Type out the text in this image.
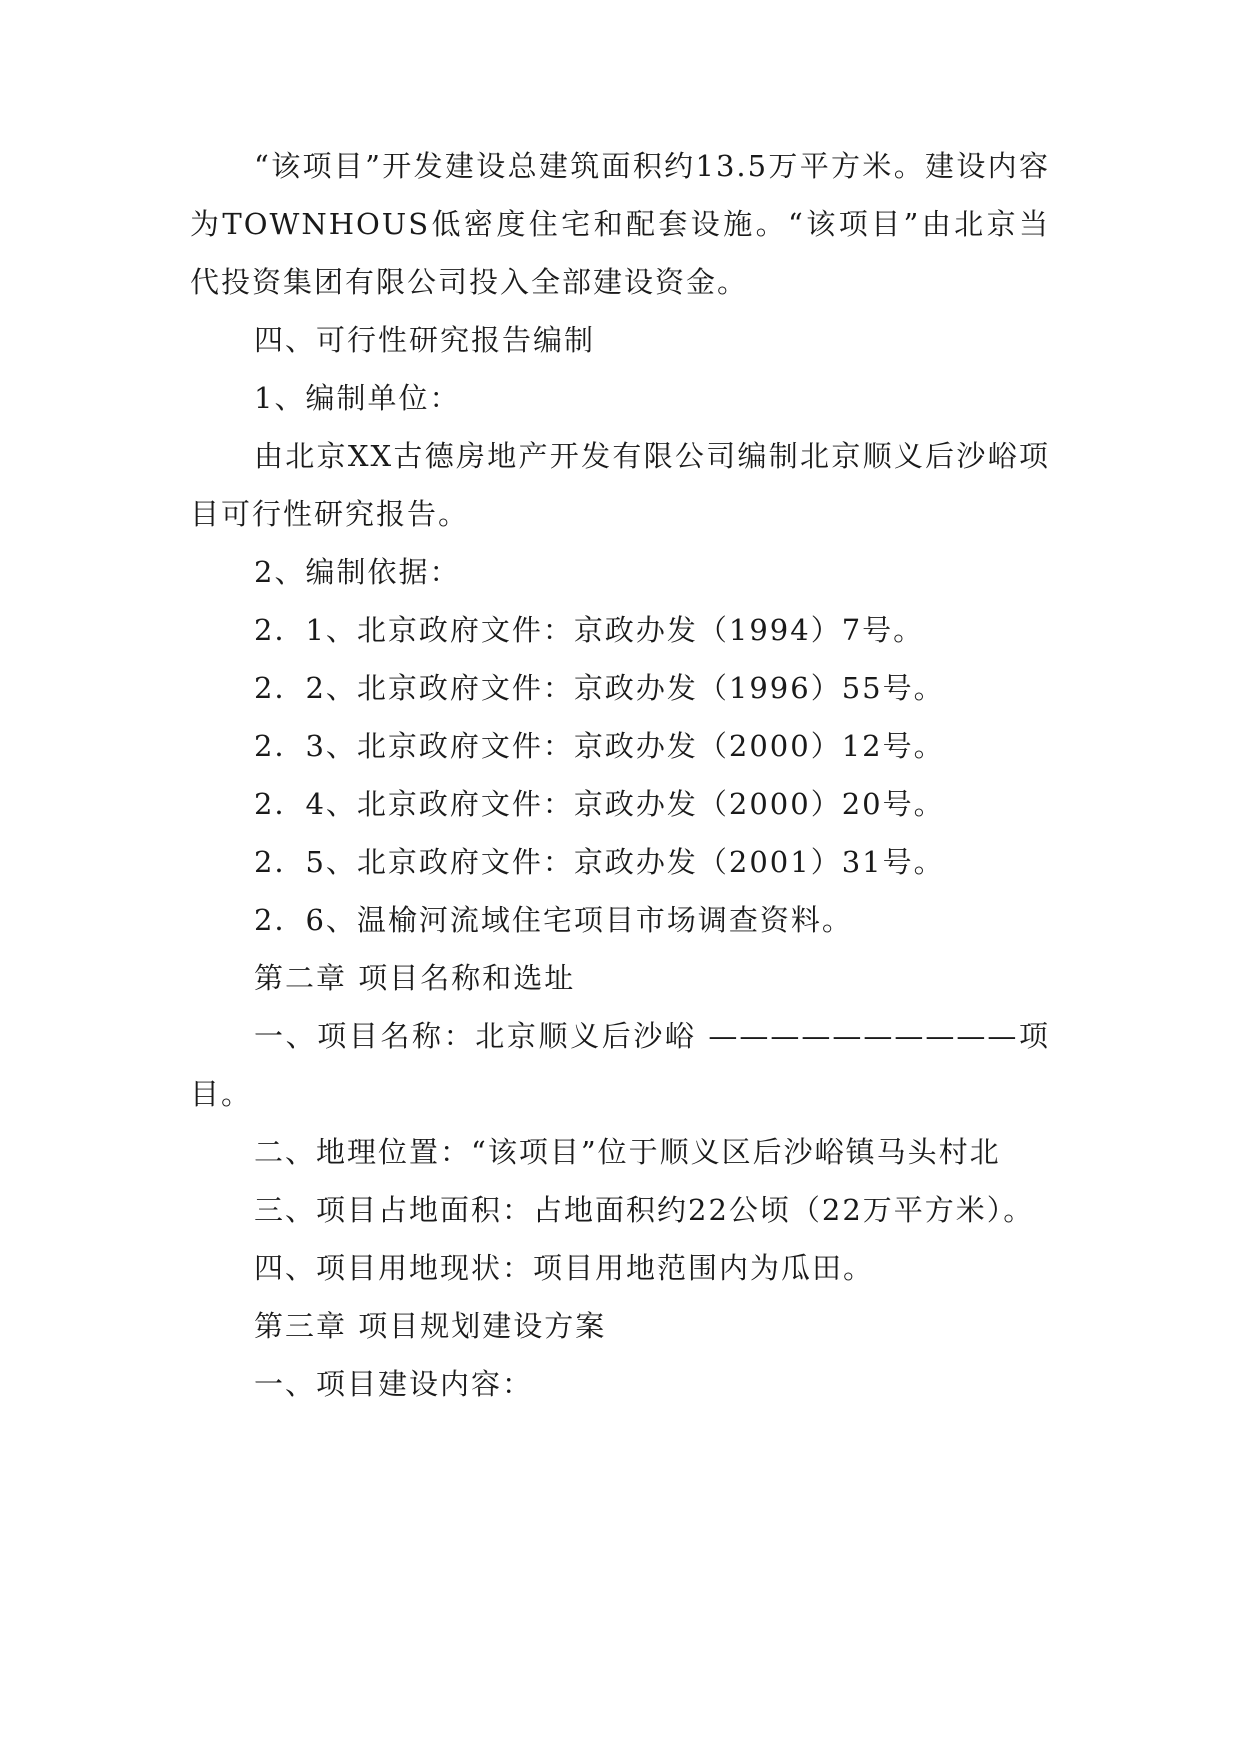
“该项目”开发建设总建筑面积约13.5万平方米。建设内容为TOWNHOUS低密度住宅和配套设施。“该项目”由北京当代投资集团有限公司投入全部建设资金。

四、可行性研究报告编制

1、编制单位：

由北京XX古德房地产开发有限公司编制北京顺义后沙峪项目可行性研究报告。

2、编制依据：

2．1、北京政府文件：京政办发（1994）7号。

2．2、北京政府文件：京政办发（1996）55号。

2．3、北京政府文件：京政办发（2000）12号。

2．4、北京政府文件：京政办发（2000）20号。

2．5、北京政府文件：京政办发（2001）31号。

2．6、温榆河流域住宅项目市场调查资料。

第二章 项目名称和选址

一、项目名称：北京顺义后沙峪 ——————————项目。

二、地理位置：“该项目”位于顺义区后沙峪镇马头村北

三、项目占地面积：占地面积约22公顷（22万平方米）。

四、项目用地现状：项目用地范围内为瓜田。

第三章 项目规划建设方案

一、项目建设内容：
